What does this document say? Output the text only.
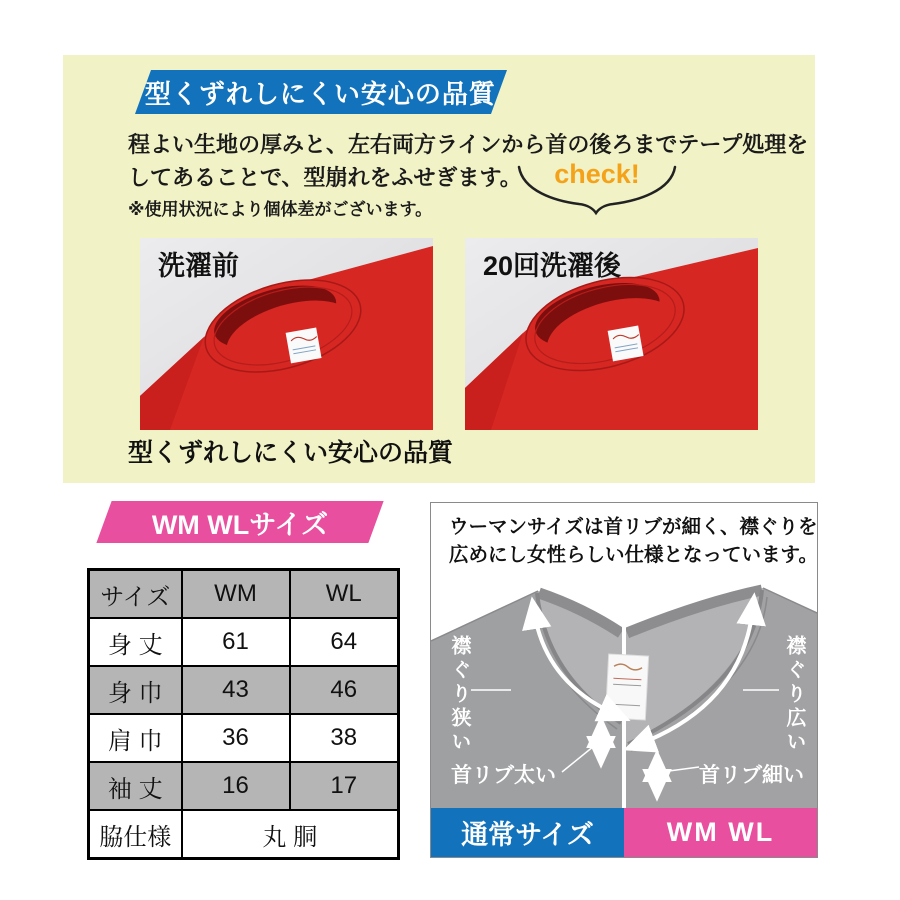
型くずれしにくい安心の品質
程よい生地の厚みと、左右両方ラインから首の後ろまでテープ処理を
してあることで、型崩れをふせぎます。
※使用状況により個体差がございます。
check!
洗濯前	20回洗濯後
型くずれしにくい安心の品質
WM WLサイズ
サイズ	WM	WL
身 丈	61	64
身 巾	43	46
肩 巾	36	38
袖 丈	16	17
脇仕様	丸 胴	
ウーマンサイズは首リブが細く、襟ぐりを
広めにし女性らしい仕様となっています。
襟ぐり狭い	襟ぐり広い
首リブ太い	首リブ細い
通常サイズ	WM WL
